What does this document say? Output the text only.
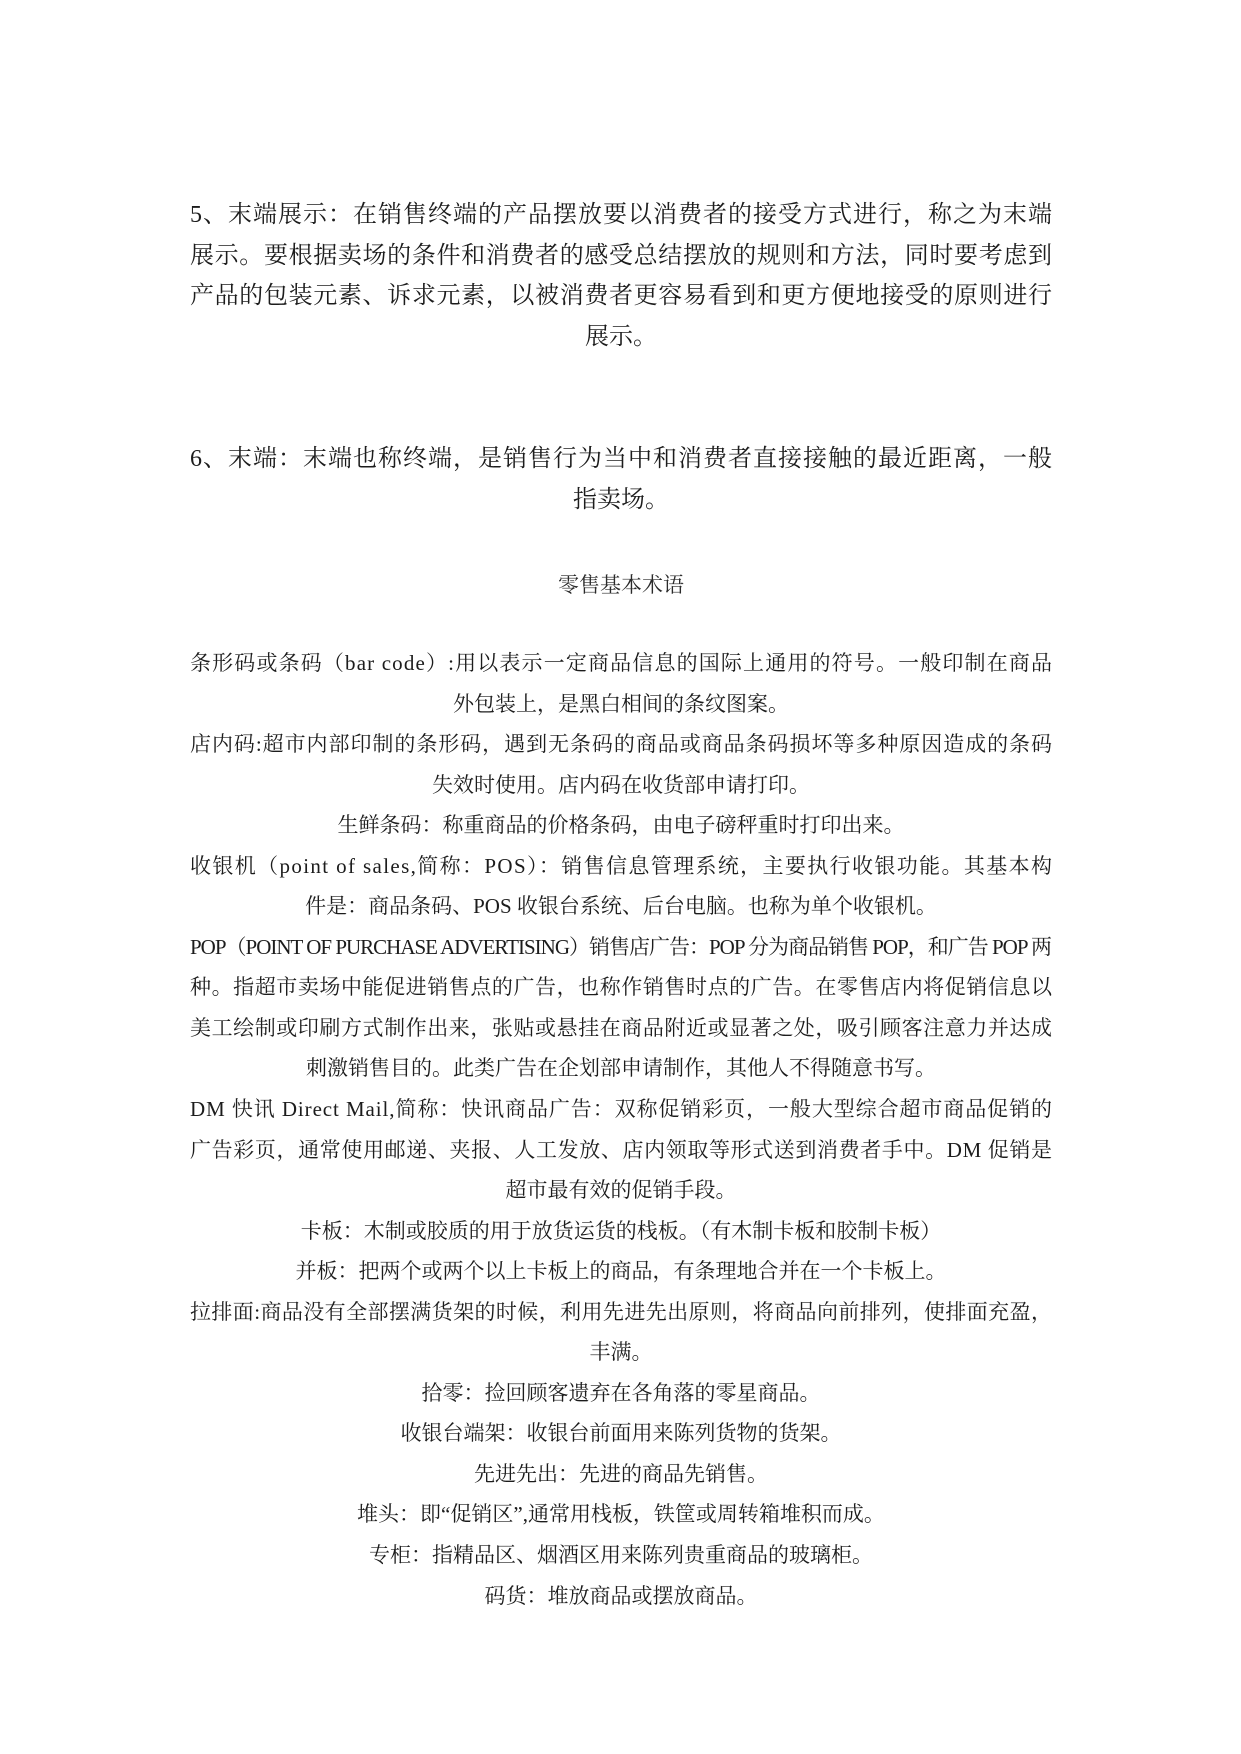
5、末端展示：在销售终端的产品摆放要以消费者的接受方式进行，称之为末端
展示。要根据卖场的条件和消费者的感受总结摆放的规则和方法，同时要考虑到
产品的包装元素、诉求元素，以被消费者更容易看到和更方便地接受的原则进行
展示。
6、末端：末端也称终端，是销售行为当中和消费者直接接触的最近距离，一般
指卖场。
零售基本术语
条形码或条码（bar code）:用以表示一定商品信息的国际上通用的符号。一般印制在商品
外包装上，是黑白相间的条纹图案。
店内码:超市内部印制的条形码，遇到无条码的商品或商品条码损坏等多种原因造成的条码
失效时使用。店内码在收货部申请打印。
生鲜条码：称重商品的价格条码，由电子磅秤重时打印出来。
收银机（point of sales,简称：POS）：销售信息管理系统，主要执行收银功能。其基本构
件是：商品条码、POS 收银台系统、后台电脑。也称为单个收银机。
POP（POINT OF PURCHASE ADVERTISING）销售店广告：POP 分为商品销售 POP，和广告 POP 两
种。指超市卖场中能促进销售点的广告，也称作销售时点的广告。在零售店内将促销信息以
美工绘制或印刷方式制作出来，张贴或悬挂在商品附近或显著之处，吸引顾客注意力并达成
刺激销售目的。此类广告在企划部申请制作，其他人不得随意书写。
DM 快讯 Direct Mail,简称：快讯商品广告：双称促销彩页，一般大型综合超市商品促销的
广告彩页，通常使用邮递、夹报、人工发放、店内领取等形式送到消费者手中。DM 促销是
超市最有效的促销手段。
卡板：木制或胶质的用于放货运货的栈板。（有木制卡板和胶制卡板）
并板：把两个或两个以上卡板上的商品，有条理地合并在一个卡板上。
拉排面:商品没有全部摆满货架的时候，利用先进先出原则，将商品向前排列，使排面充盈，
丰满。
拾零：捡回顾客遗弃在各角落的零星商品。
收银台端架：收银台前面用来陈列货物的货架。
先进先出：先进的商品先销售。
堆头：即“促销区”,通常用栈板，铁筐或周转箱堆积而成。
专柜：指精品区、烟酒区用来陈列贵重商品的玻璃柜。
码货：堆放商品或摆放商品。
